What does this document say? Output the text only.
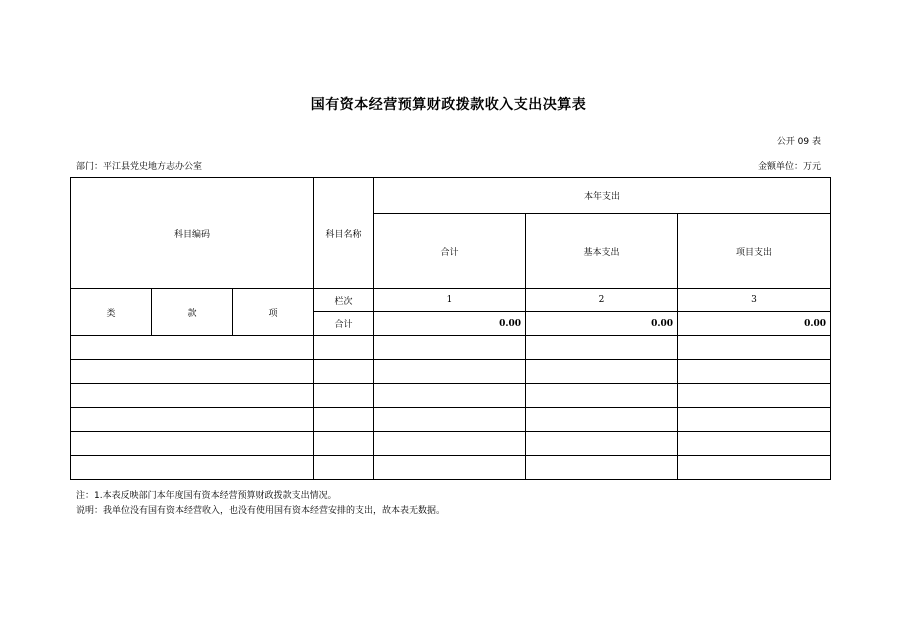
国有资本经营预算财政拨款收入支出决算表
公开 09 表
部门：平江县党史地方志办公室	金额单位：万元
科目编码			科目名称	本年支出		
				合计	基本支出	项目支出
类	款	项	栏次	1	2	3
			合计	0.00	0.00	0.00

注：1.本表反映部门本年度国有资本经营预算财政拨款支出情况。
说明：我单位没有国有资本经营收入，也没有使用国有资本经营安排的支出，故本表无数据。
